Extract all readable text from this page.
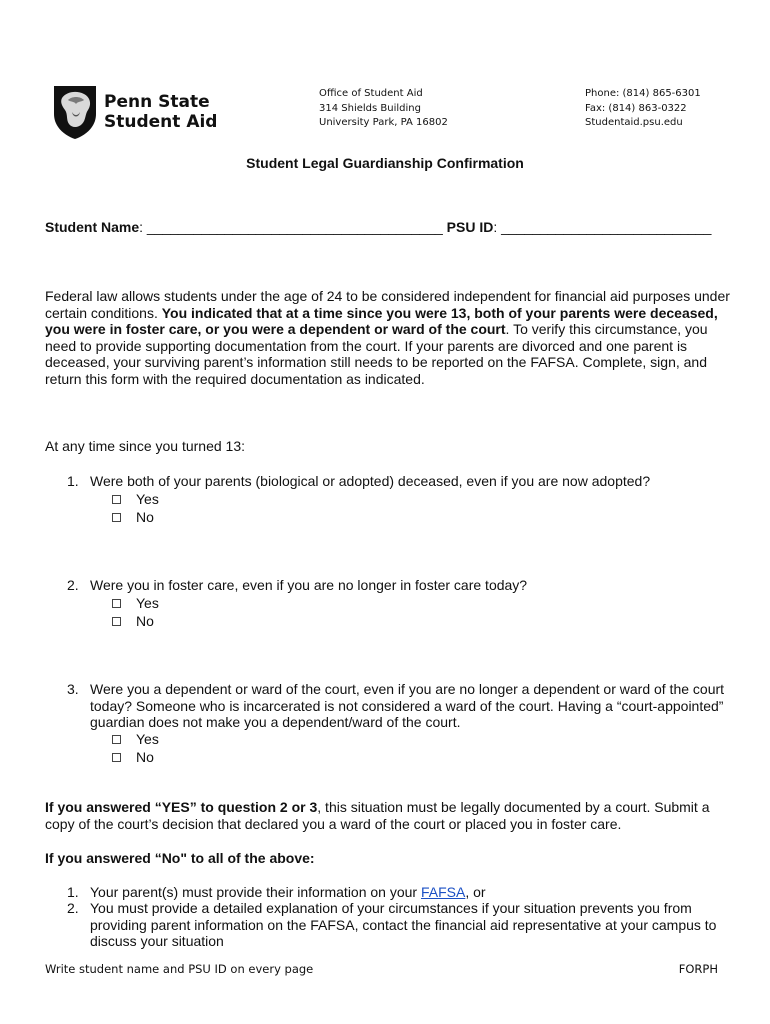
Penn State
Student Aid
Office of Student Aid
314 Shields Building
University Park, PA 16802
Phone: (814) 865-6301
Fax: (814) 863-0322
Studentaid.psu.edu
Student Legal Guardianship Confirmation
Student Name: ______________________________________ PSU ID: ___________________________
Federal law allows students under the age of 24 to be considered independent for financial aid purposes under certain conditions. You indicated that at a time since you were 13, both of your parents were deceased, you were in foster care, or you were a dependent or ward of the court. To verify this circumstance, you need to provide supporting documentation from the court. If your parents are divorced and one parent is deceased, your surviving parent’s information still needs to be reported on the FAFSA. Complete, sign, and return this form with the required documentation as indicated.
At any time since you turned 13:
1. Were both of your parents (biological or adopted) deceased, even if you are now adopted?
Yes
No
2. Were you in foster care, even if you are no longer in foster care today?
Yes
No
3. Were you a dependent or ward of the court, even if you are no longer a dependent or ward of the court today? Someone who is incarcerated is not considered a ward of the court. Having a “court-appointed” guardian does not make you a dependent/ward of the court.
Yes
No
If you answered “YES” to question 2 or 3, this situation must be legally documented by a court. Submit a copy of the court’s decision that declared you a ward of the court or placed you in foster care.
If you answered “No" to all of the above:
1. Your parent(s) must provide their information on your FAFSA, or
2. You must provide a detailed explanation of your circumstances if your situation prevents you from providing parent information on the FAFSA, contact the financial aid representative at your campus to discuss your situation
Write student name and PSU ID on every page	FORPH
